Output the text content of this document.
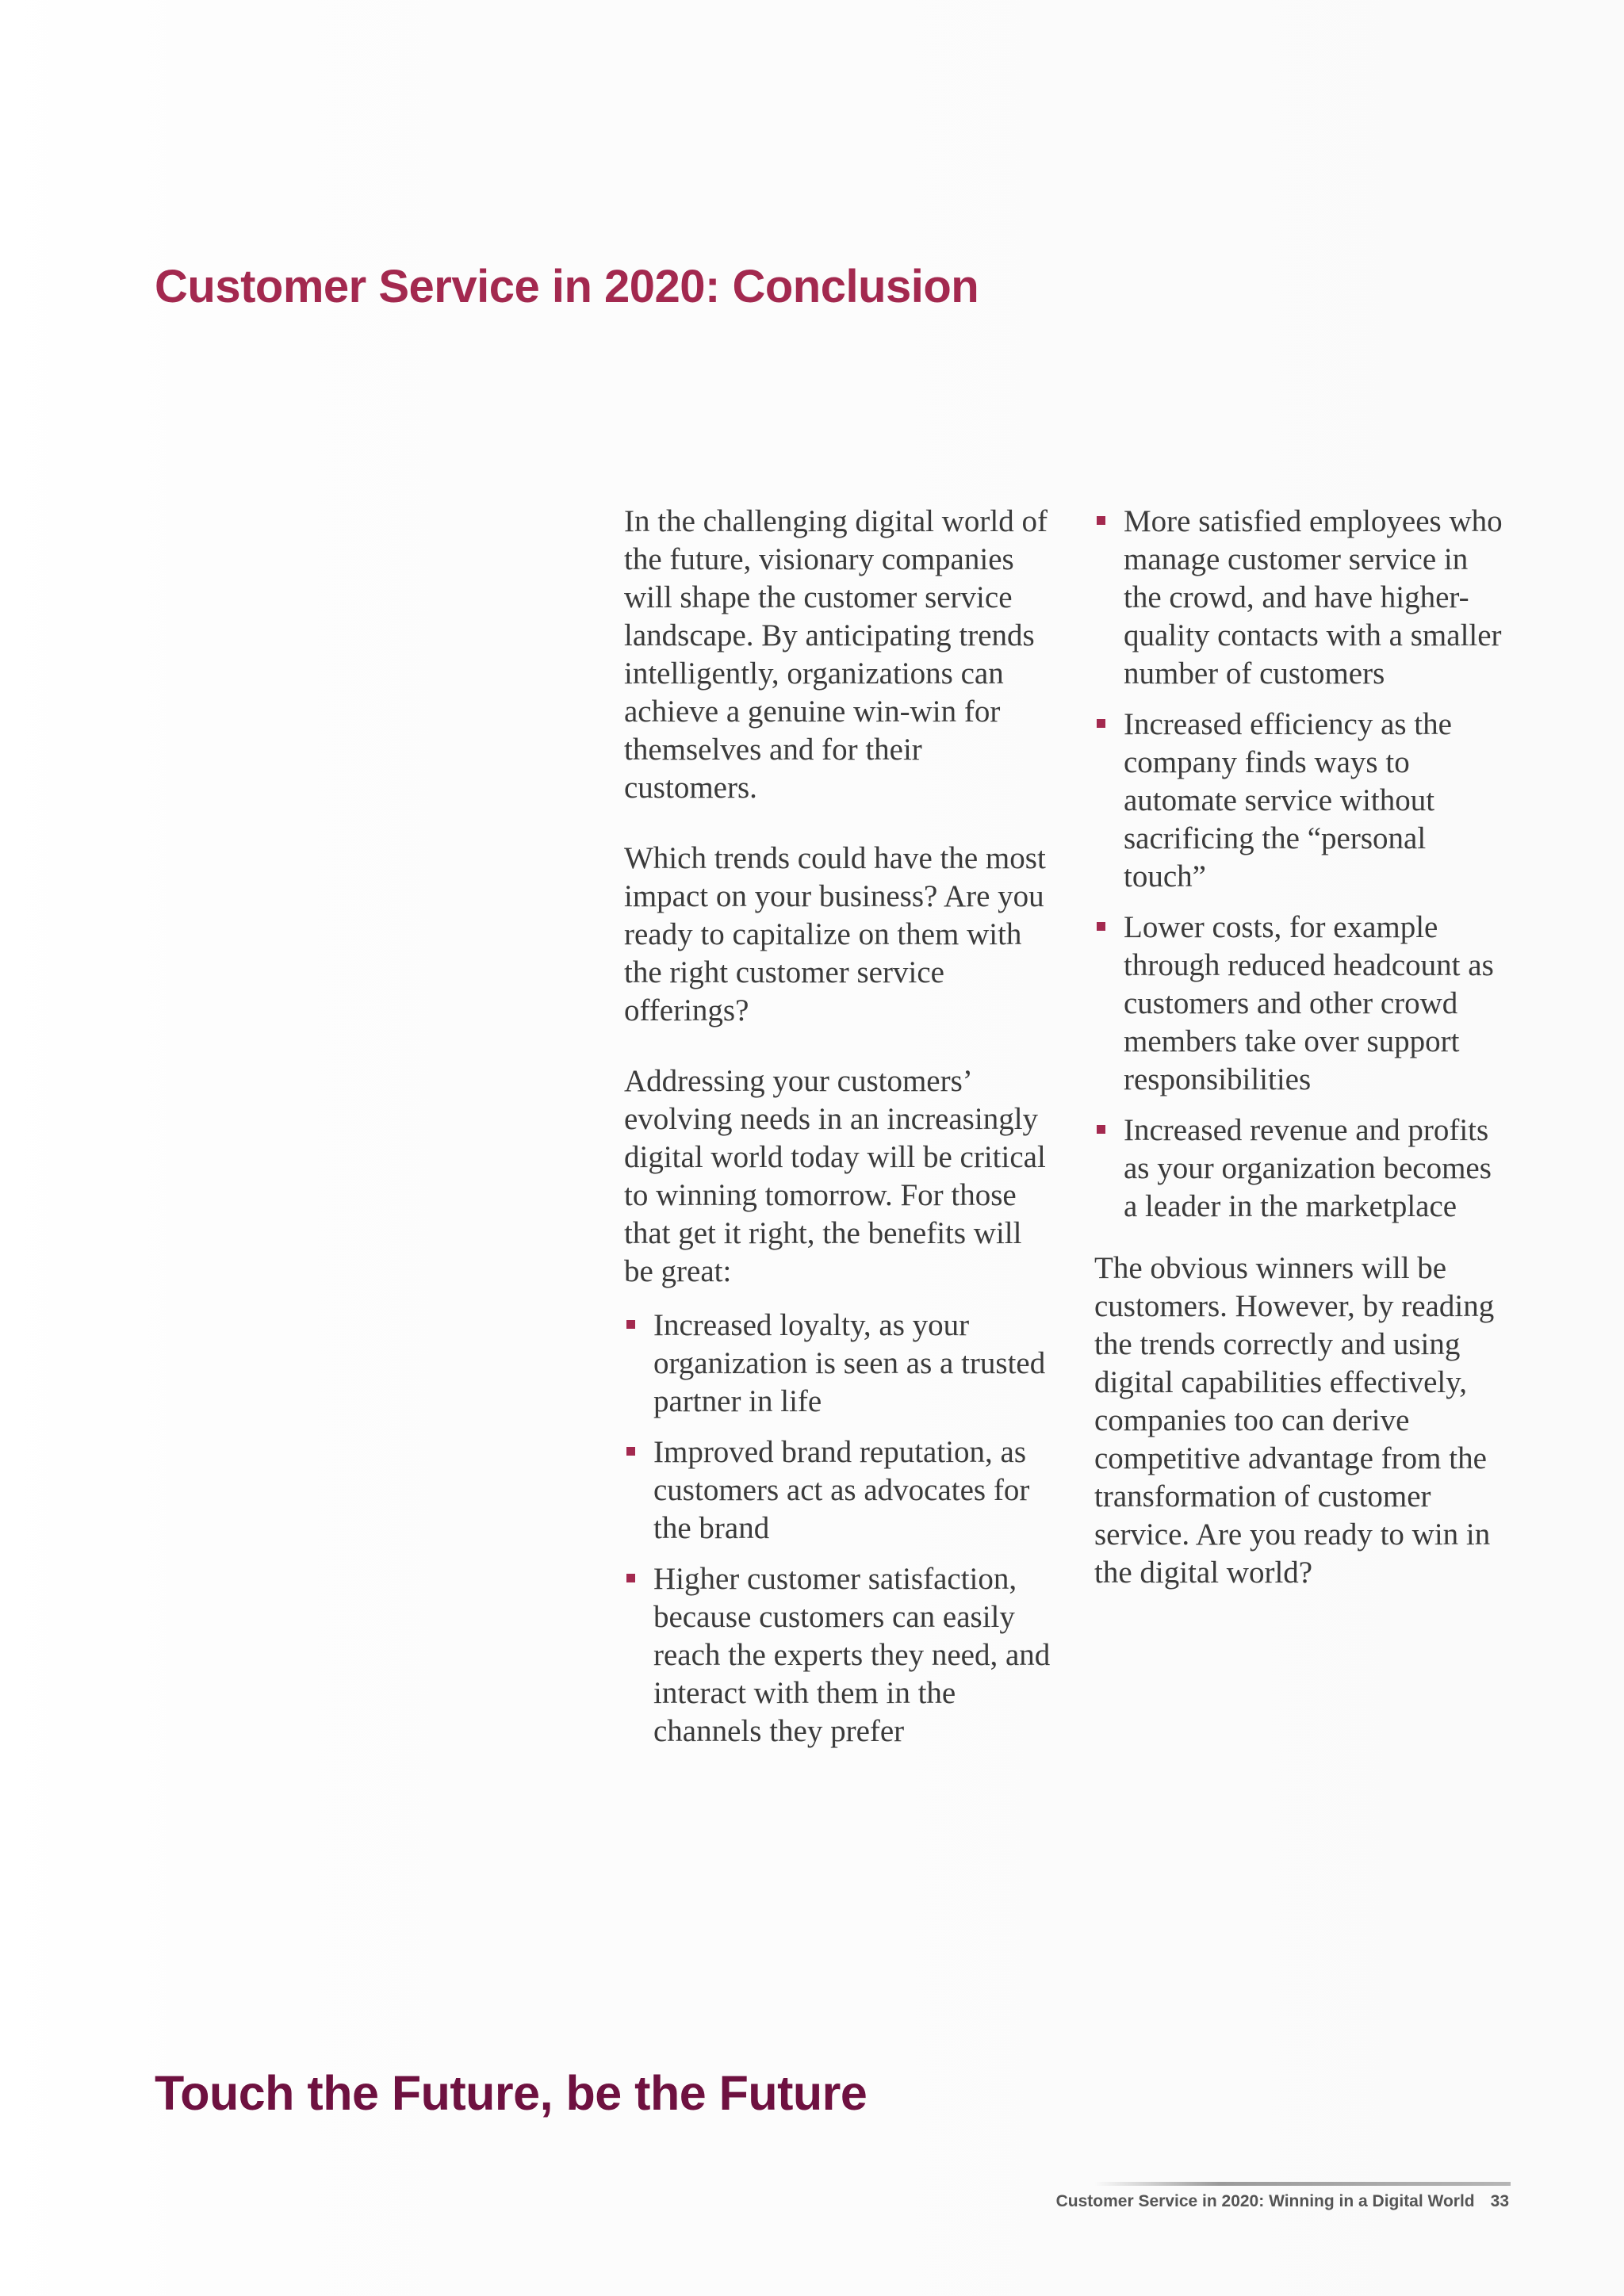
Customer Service in 2020: Conclusion

In the challenging digital world of the future, visionary companies will shape the customer service landscape. By anticipating trends intelligently, organizations can achieve a genuine win-win for themselves and for their customers.

Which trends could have the most impact on your business? Are you ready to capitalize on them with the right customer service offerings?

Addressing your customers’ evolving needs in an increasingly digital world today will be critical to winning tomorrow. For those that get it right, the benefits will be great:

Increased loyalty, as your organization is seen as a trusted partner in life
Improved brand reputation, as customers act as advocates for the brand
Higher customer satisfaction, because customers can easily reach the experts they need, and interact with them in the channels they prefer
More satisfied employees who manage customer service in the crowd, and have higher-quality contacts with a smaller number of customers
Increased efficiency as the company finds ways to automate service without sacrificing the “personal touch”
Lower costs, for example through reduced headcount as customers and other crowd members take over support responsibilities
Increased revenue and profits as your organization becomes a leader in the marketplace

The obvious winners will be customers. However, by reading the trends correctly and using digital capabilities effectively, companies too can derive competitive advantage from the transformation of customer service. Are you ready to win in the digital world?

Touch the Future, be the Future
Customer Service in 2020: Winning in a Digital World 33
